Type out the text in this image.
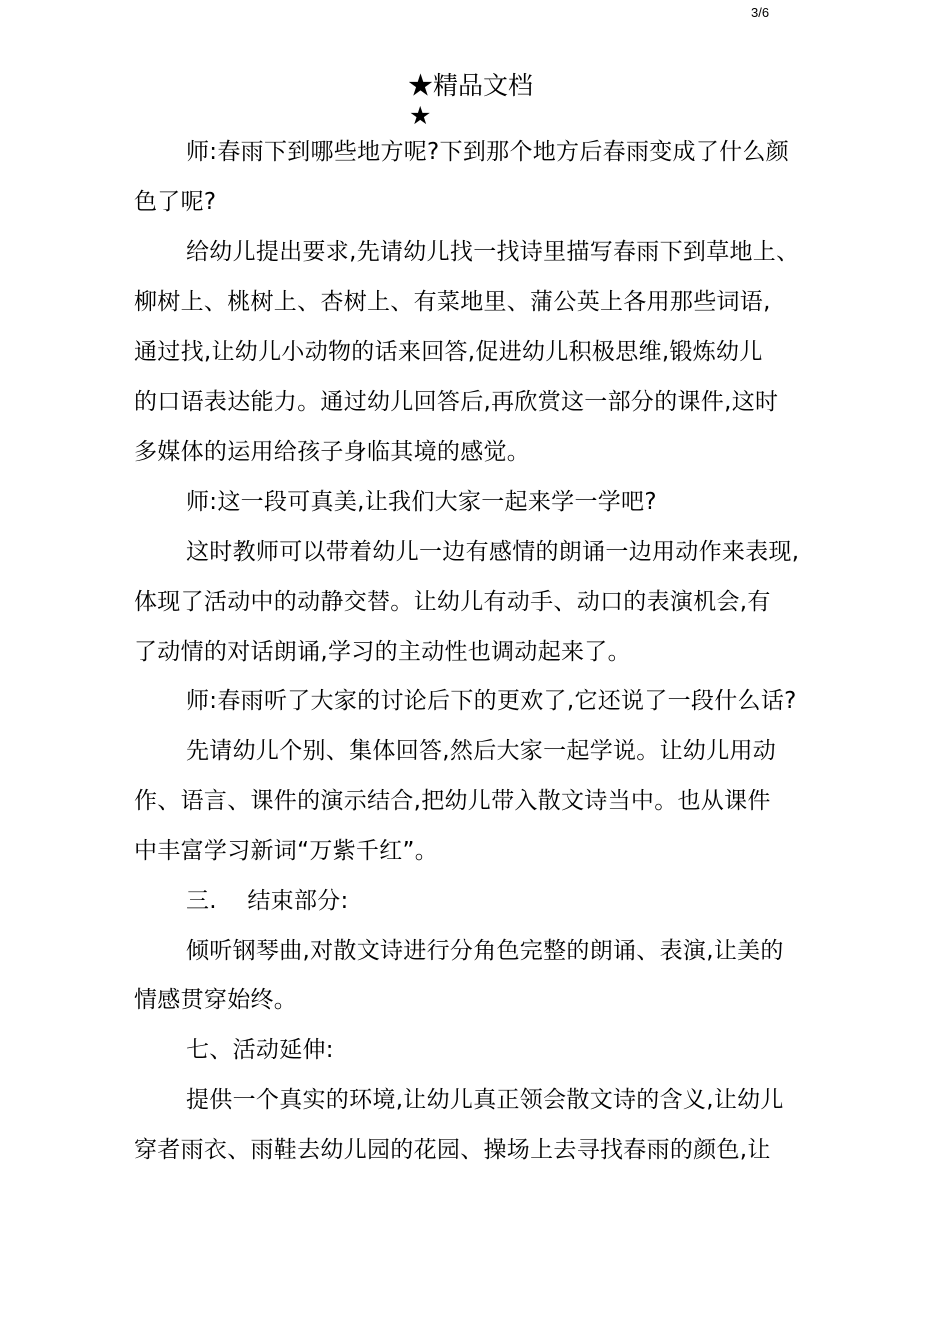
3/6
★精品文档
★
师:春雨下到哪些地方呢?下到那个地方后春雨变成了什么颜
色了呢?
给幼儿提出要求,先请幼儿找一找诗里描写春雨下到草地上、
柳树上、桃树上、杏树上、有菜地里、蒲公英上各用那些词语,
通过找,让幼儿小动物的话来回答,促进幼儿积极思维,锻炼幼儿
的口语表达能力。通过幼儿回答后,再欣赏这一部分的课件,这时
多媒体的运用给孩子身临其境的感觉。
师:这一段可真美,让我们大家一起来学一学吧?
这时教师可以带着幼儿一边有感情的朗诵一边用动作来表现,
体现了活动中的动静交替。让幼儿有动手、动口的表演机会,有
了动情的对话朗诵,学习的主动性也调动起来了。
师:春雨听了大家的讨论后下的更欢了,它还说了一段什么话?
先请幼儿个别、集体回答,然后大家一起学说。让幼儿用动
作、语言、课件的演示结合,把幼儿带入散文诗当中。也从课件
中丰富学习新词“万紫千红”。
三.    结束部分:
倾听钢琴曲,对散文诗进行分角色完整的朗诵、表演,让美的
情感贯穿始终。
七、活动延伸:
提供一个真实的环境,让幼儿真正领会散文诗的含义,让幼儿
穿者雨衣、雨鞋去幼儿园的花园、操场上去寻找春雨的颜色,让
